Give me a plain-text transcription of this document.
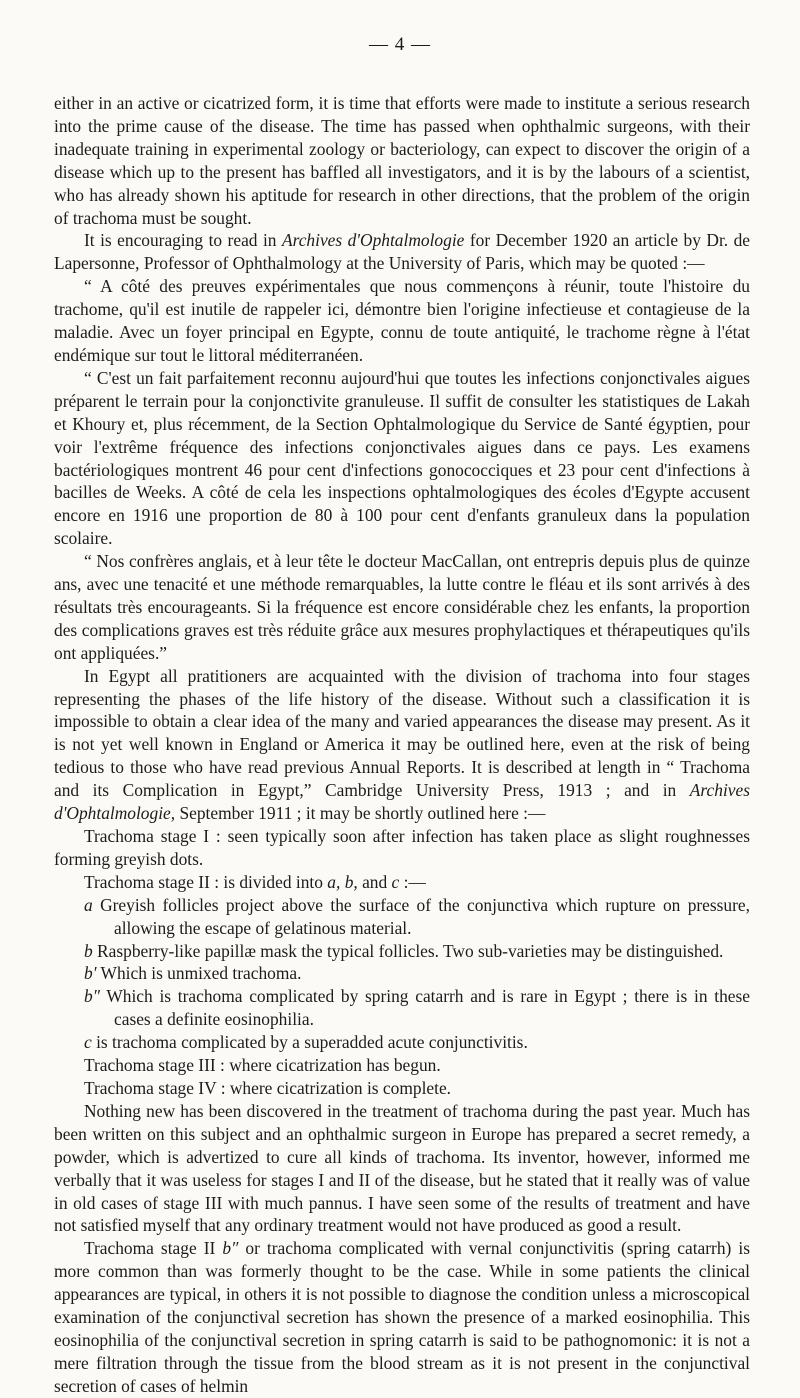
— 4 —

either in an active or cicatrized form, it is time that efforts were made to institute a serious research into the prime cause of the disease. The time has passed when ophthalmic surgeons, with their inadequate training in experimental zoology or bacteriology, can expect to discover the origin of a disease which up to the present has baffled all investigators, and it is by the labours of a scientist, who has already shown his aptitude for research in other directions, that the problem of the origin of trachoma must be sought.

It is encouraging to read in Archives d'Ophtalmologie for December 1920 an article by Dr. de Lapersonne, Professor of Ophthalmology at the University of Paris, which may be quoted :—

“ A côté des preuves expérimentales que nous commençons à réunir, toute l'histoire du trachome, qu'il est inutile de rappeler ici, démontre bien l'origine infectieuse et contagieuse de la maladie. Avec un foyer principal en Egypte, connu de toute antiquité, le trachome règne à l'état endémique sur tout le littoral méditerranéen.

“ C'est un fait parfaitement reconnu aujourd'hui que toutes les infections conjonctivales aigues préparent le terrain pour la conjonctivite granuleuse. Il suffit de consulter les statistiques de Lakah et Khoury et, plus récemment, de la Section Ophtalmologique du Service de Santé égyptien, pour voir l'extrême fréquence des infections conjonctivales aigues dans ce pays. Les examens bactériologiques montrent 46 pour cent d'infections gonococciques et 23 pour cent d'infections à bacilles de Weeks. A côté de cela les inspections ophtalmologiques des écoles d'Egypte accusent encore en 1916 une proportion de 80 à 100 pour cent d'enfants granuleux dans la population scolaire.

“ Nos confrères anglais, et à leur tête le docteur MacCallan, ont entrepris depuis plus de quinze ans, avec une tenacité et une méthode remarquables, la lutte contre le fléau et ils sont arrivés à des résultats très encourageants. Si la fréquence est encore considérable chez les enfants, la proportion des complications graves est très réduite grâce aux mesures prophylactiques et thérapeutiques qu'ils ont appliquées.”

In Egypt all pratitioners are acquainted with the division of trachoma into four stages representing the phases of the life history of the disease. Without such a classification it is impossible to obtain a clear idea of the many and varied appearances the disease may present. As it is not yet well known in England or America it may be outlined here, even at the risk of being tedious to those who have read previous Annual Reports. It is described at length in “ Trachoma and its Complication in Egypt,” Cambridge University Press, 1913 ; and in Archives d'Ophtalmologie, September 1911 ; it may be shortly outlined here :—

Trachoma stage I : seen typically soon after infection has taken place as slight roughnesses forming greyish dots.

Trachoma stage II : is divided into a, b, and c :—

a Greyish follicles project above the surface of the conjunctiva which rupture on pressure, allowing the escape of gelatinous material.

b Raspberry-like papillæ mask the typical follicles. Two sub-varieties may be distinguished.

b′ Which is unmixed trachoma.

b″ Which is trachoma complicated by spring catarrh and is rare in Egypt ; there is in these cases a definite eosinophilia.

c is trachoma complicated by a superadded acute conjunctivitis.

Trachoma stage III : where cicatrization has begun.

Trachoma stage IV : where cicatrization is complete.

Nothing new has been discovered in the treatment of trachoma during the past year. Much has been written on this subject and an ophthalmic surgeon in Europe has prepared a secret remedy, a powder, which is advertized to cure all kinds of trachoma. Its inventor, however, informed me verbally that it was useless for stages I and II of the disease, but he stated that it really was of value in old cases of stage III with much pannus. I have seen some of the results of treatment and have not satisfied myself that any ordinary treatment would not have produced as good a result.

Trachoma stage II b″ or trachoma complicated with vernal conjunctivitis (spring catarrh) is more common than was formerly thought to be the case. While in some patients the clinical appearances are typical, in others it is not possible to diagnose the condition unless a microscopical examination of the conjunctival secretion has shown the presence of a marked eosinophilia. This eosinophilia of the conjunctival secretion in spring catarrh is said to be pathognomonic: it is not a mere filtration through the tissue from the blood stream as it is not present in the conjunctival secretion of cases of helmin
